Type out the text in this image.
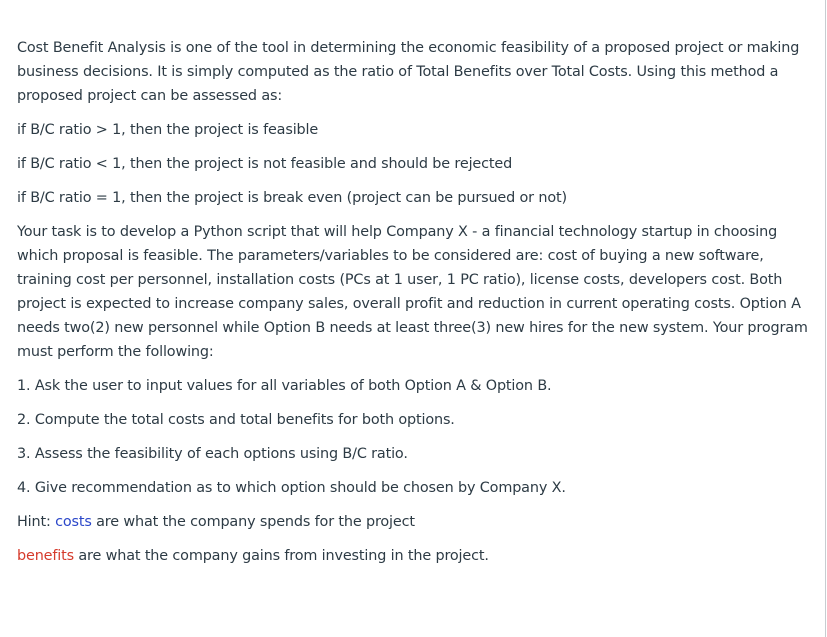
Cost Benefit Analysis is one of the tool in determining the economic feasibility of a proposed project or making business decisions. It is simply computed as the ratio of Total Benefits over Total Costs. Using this method a proposed project can be assessed as:

if B/C ratio > 1, then the project is feasible

if B/C ratio < 1, then the project is not feasible and should be rejected

if B/C ratio = 1, then the project is break even (project can be pursued or not)

Your task is to develop a Python script that will help Company X - a financial technology startup in choosing which proposal is feasible. The parameters/variables to be considered are: cost of buying a new software, training cost per personnel, installation costs (PCs at 1 user, 1 PC ratio), license costs, developers cost. Both project is expected to increase company sales, overall profit and reduction in current operating costs. Option A needs two(2) new personnel while Option B needs at least three(3) new hires for the new system. Your program must perform the following:

1. Ask the user to input values for all variables of both Option A & Option B.

2. Compute the total costs and total benefits for both options.

3. Assess the feasibility of each options using B/C ratio.

4. Give recommendation as to which option should be chosen by Company X.

Hint: costs are what the company spends for the project

benefits are what the company gains from investing in the project.
